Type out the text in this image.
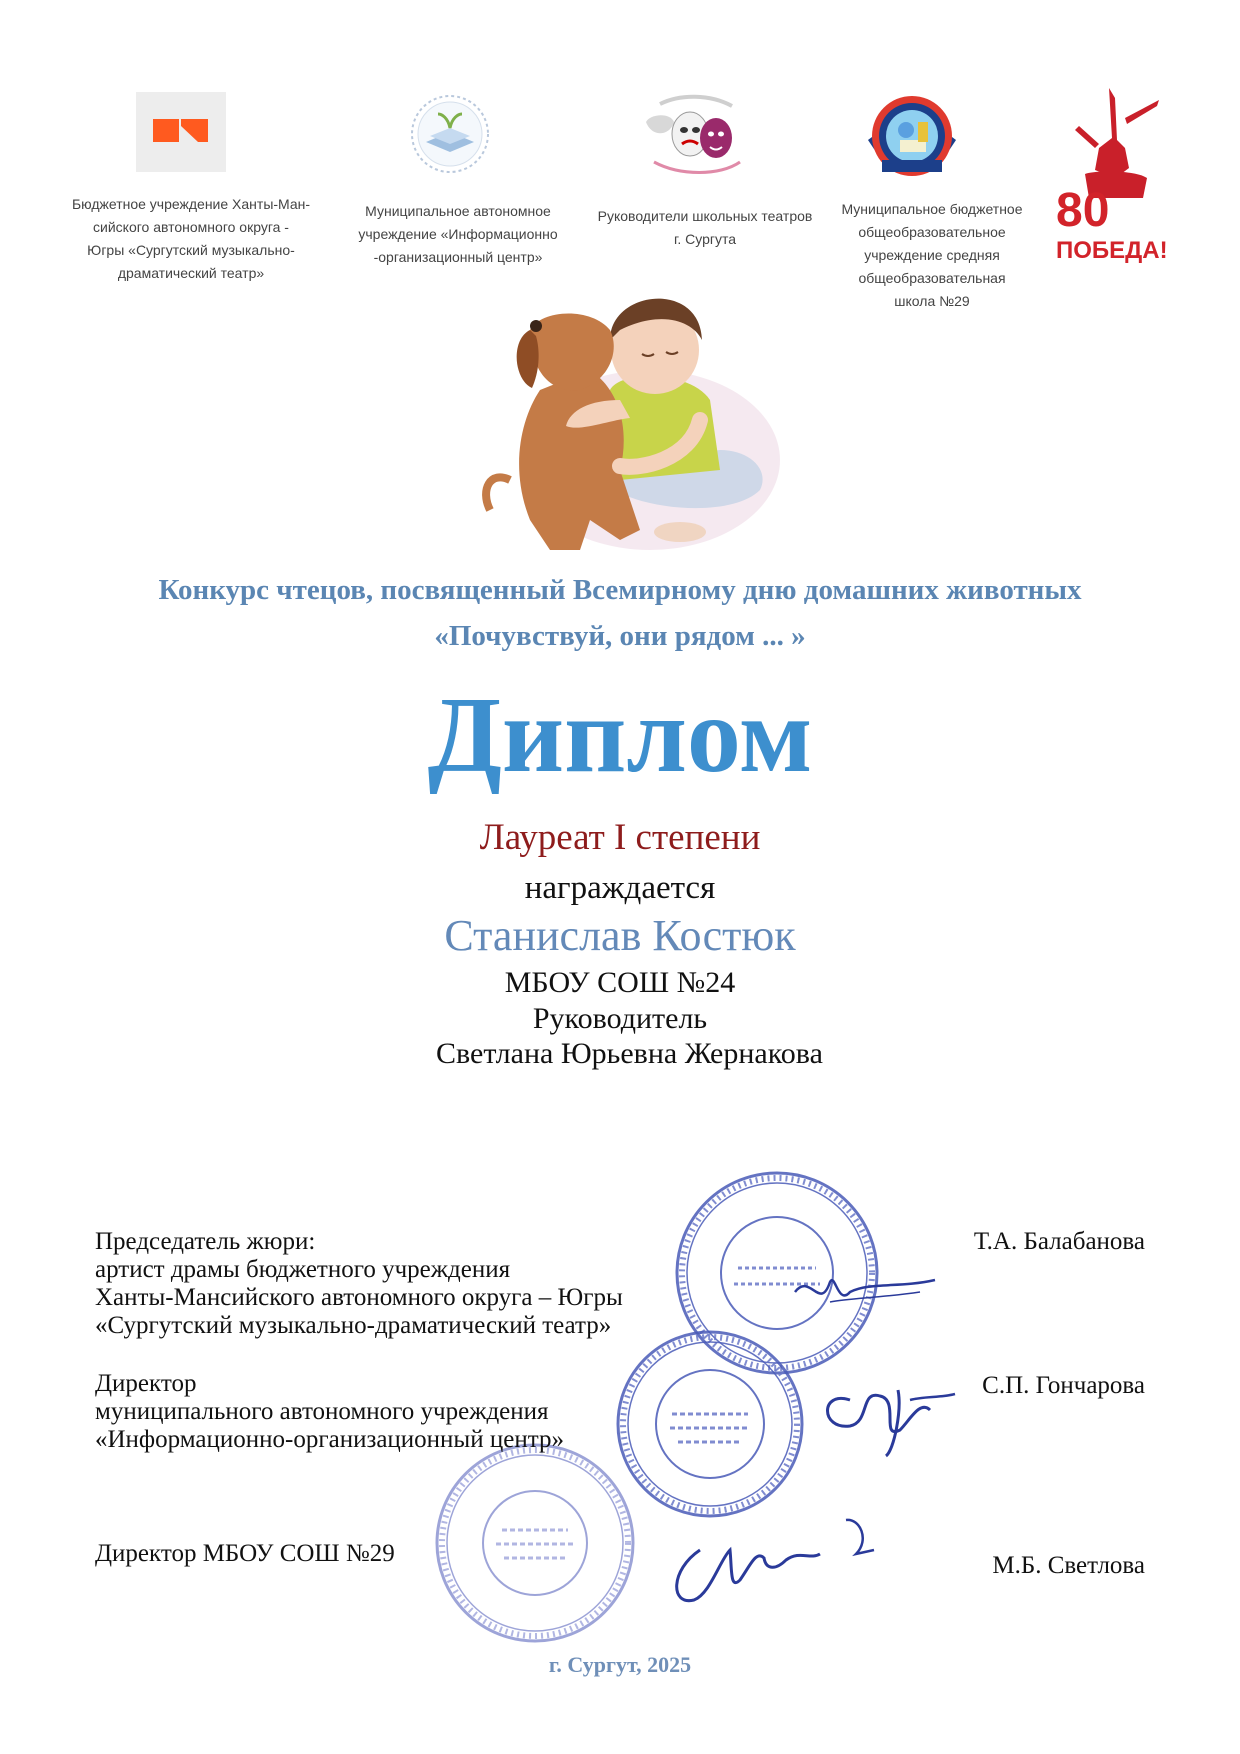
80
ПОБЕДА!
Бюджетное учреждение Ханты-Ман-
сийского автономного округа -
Югры «Сургутский музыкально-
драматический театр»
Муниципальное автономное
учреждение «Информационно
-организационный центр»
Руководители школьных театров
г. Сургута
Муниципальное бюджетное
общеобразовательное
учреждение средняя
общеобразовательная
школа №29
Конкурс чтецов, посвященный Всемирному дню домашних животных
«Почувствуй, они рядом ... »
Диплом
Лауреат I степени
награждается
Станислав Костюк
МБОУ СОШ №24
Руководитель
Светлана Юрьевна Жернакова
Председатель жюри:
артист драмы бюджетного учреждения
Ханты-Мансийского автономного округа – Югры
«Сургутский музыкально-драматический театр»
Т.А. Балабанова
Директор
муниципального автономного учреждения
«Информационно-организационный центр»
С.П. Гончарова
Директор МБОУ СОШ №29	М.Б. Светлова
г. Сургут, 2025
